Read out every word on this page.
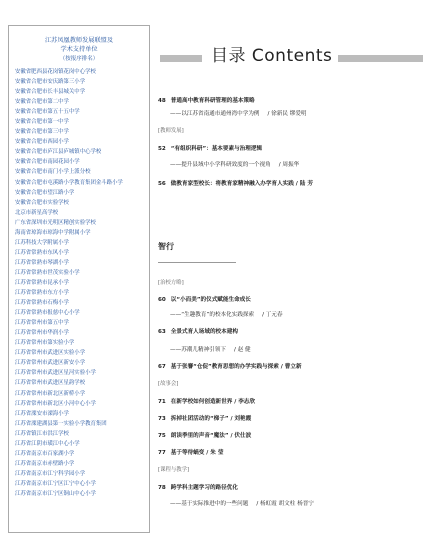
江苏凤凰教师发展联盟及
学术支持单位
（按报序排名）
安徽省肥西县花岗镇花岗中心学校
安徽省合肥市安庆路第三小学
安徽省合肥市长丰县城关中学
安徽省合肥市第二中学
安徽省合肥市第五十五中学
安徽省合肥市第一中学
安徽省合肥市第三中学
安徽省合肥市西园小学
安徽省合肥市庐江县庐城镇中心学校
安徽省合肥市南园花园小学
安徽省合肥市南门小学上派分校
安徽省合肥市屯溪路小学教育集团金斗路小学
安徽省合肥市望江路小学
安徽省合肥市实验学校
北京市新星高学校
广东省深圳市光明区精创实验学校
海南省琼海市琼海中学附属小学
江苏科技大学附属小学
江苏省常熟市东风小学
江苏省常熟市琴湖小学
江苏省常熟市世茂实验小学
江苏省常熟市昆承小学
江苏省常熟市东方小学
江苏省常熟市石梅小学
江苏省常熟市报慈中心小学
江苏省常州市第五中学
江苏省常州市华润小学
江苏省常州市第实验小学
江苏省常州市武进区实验小学
江苏省常州市武进区新安小学
江苏省常州市武进区星河实验小学
江苏省常州市武进区星韵学校
江苏省常州市新北区新桥小学
江苏省常州市新北区小河中心小学
江苏省溧安市溧海小学
江苏省溧建湖县第一实验小学教育集团
江苏省镇江市洪江学校
江苏省江阴市璜江中心小学
江苏省南京市百家湖小学
江苏省南京市赤壁路小学
江苏省南京市江宁科学园小学
江苏省南京市江宁区江宁中心小学
江苏省南京市江宁区铜山中心小学
目录 Contents
48 普通高中教育科研管理的基本策略
——以江苏省南通市通州湾中学为例 / 徐新民 缪爱明
[教师发展]
52 “有组织科研”：基本要素与治理逻辑
——提升县域中小学科研效度的一个视角 / 周振华
56 做教育家型校长：将教育家精神融入办学育人实践 / 陆 芳
智行
[治校方略]
60 以“小而美”的仪式赋能生命成长
——“生趣教育”的校本化实践探索 / 丁元春
63 全景式育人场域的校本建构
——苏潮儿精神引领下 / 赵 健
67 基于张謇“仓促”教育思想的办学实践与探索 / 曹立新
[故事会]
71 在新学校如何创造新世界 / 李志欣
73 拆掉社团活动的“梯子” / 刘艳霞
75 朗读季里的声音“魔法” / 伏仕波
77 基于等待蜗变 / 朱 莹
[课程与教学]
78 跨学科主题学习的路径优化
——基于实际推进中的一些问题 / 杨虹霞 胡文柱 杨晋宁
